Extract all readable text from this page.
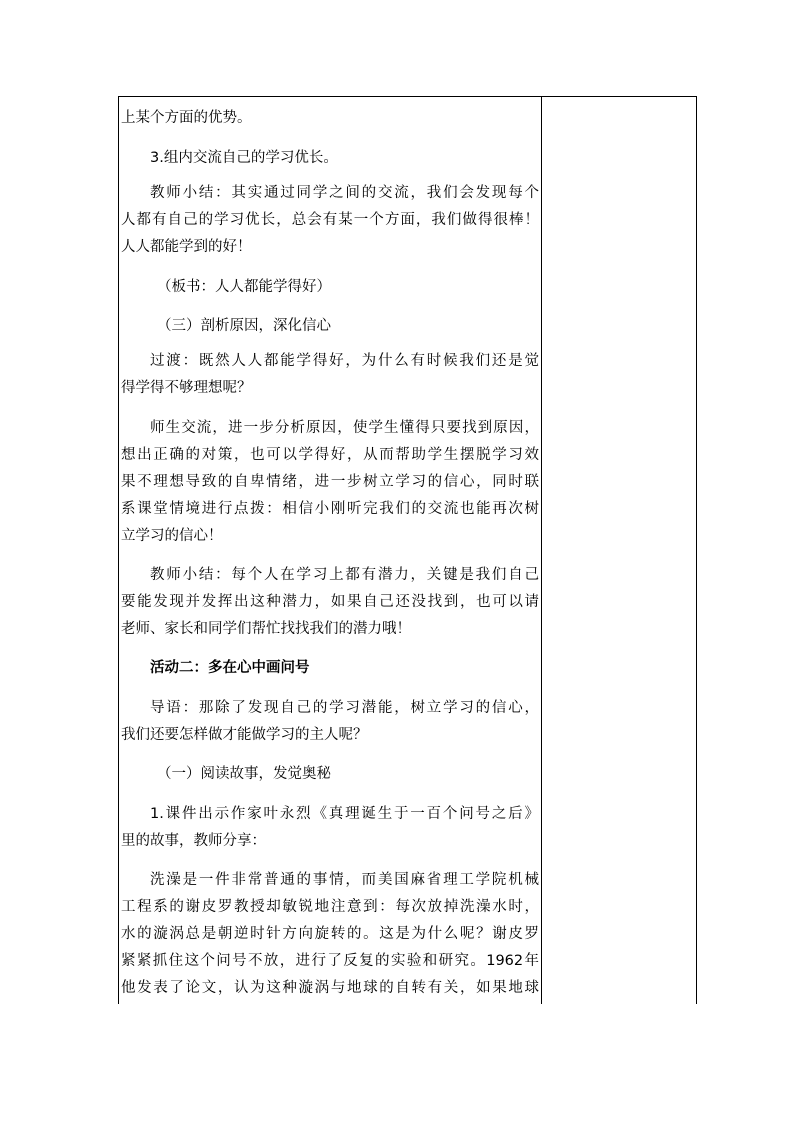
上某个方面的优势。
3.组内交流自己的学习优长。
教师小结：其实通过同学之间的交流，我们会发现每个
人都有自己的学习优长，总会有某一个方面，我们做得很棒！
人人都能学到的好！
（板书：人人都能学得好）
（三）剖析原因，深化信心
过渡：既然人人都能学得好，为什么有时候我们还是觉
得学得不够理想呢？
师生交流，进一步分析原因，使学生懂得只要找到原因，
想出正确的对策，也可以学得好，从而帮助学生摆脱学习效
果不理想导致的自卑情绪，进一步树立学习的信心，同时联
系课堂情境进行点拨：相信小刚听完我们的交流也能再次树
立学习的信心！
教师小结：每个人在学习上都有潜力，关键是我们自己
要能发现并发挥出这种潜力，如果自己还没找到，也可以请
老师、家长和同学们帮忙找找我们的潜力哦！
活动二：多在心中画问号
导语：那除了发现自己的学习潜能，树立学习的信心，
我们还要怎样做才能做学习的主人呢？
（一）阅读故事，发觉奥秘
1.课件出示作家叶永烈《真理诞生于一百个问号之后》
里的故事，教师分享：
洗澡是一件非常普通的事情，而美国麻省理工学院机械
工程系的谢皮罗教授却敏锐地注意到：每次放掉洗澡水时，
水的漩涡总是朝逆时针方向旋转的。这是为什么呢？谢皮罗
紧紧抓住这个问号不放，进行了反复的实验和研究。1962年
他发表了论文，认为这种漩涡与地球的自转有关，如果地球
